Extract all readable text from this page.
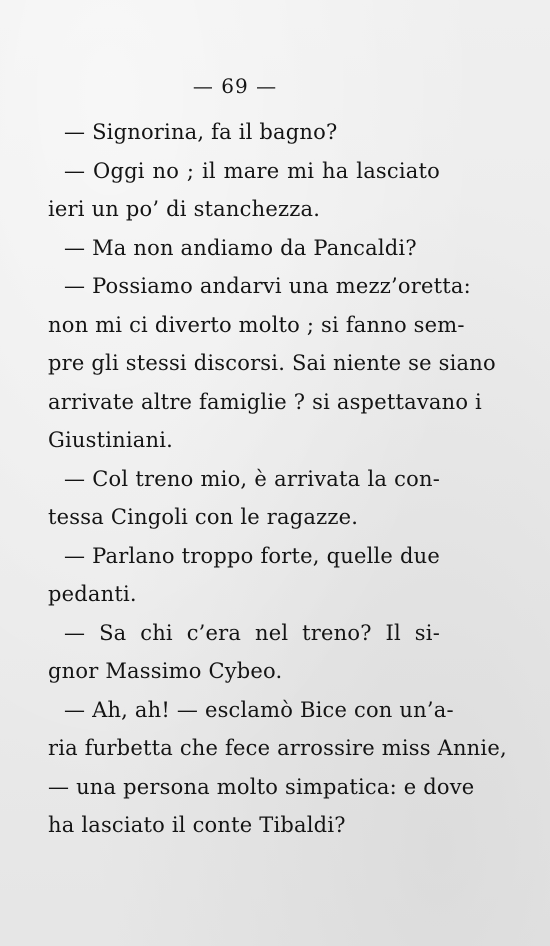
— 69 —
— Signorina, fa il bagno?
— Oggi no ; il mare mi ha lasciato
ieri un po’ di stanchezza.
— Ma non andiamo da Pancaldi?
— Possiamo andarvi una mezz’oretta:
non mi ci diverto molto ; si fanno sem-
pre gli stessi discorsi. Sai niente se siano
arrivate altre famiglie ? si aspettavano i
Giustiniani.
— Col treno mio, è arrivata la con-
tessa Cingoli con le ragazze.
— Parlano troppo forte, quelle due
pedanti.
— Sa chi c’era nel treno? Il si-
gnor Massimo Cybeo.
— Ah, ah! — esclamò Bice con un’a-
ria furbetta che fece arrossire miss Annie,
— una persona molto simpatica: e dove
ha lasciato il conte Tibaldi?
